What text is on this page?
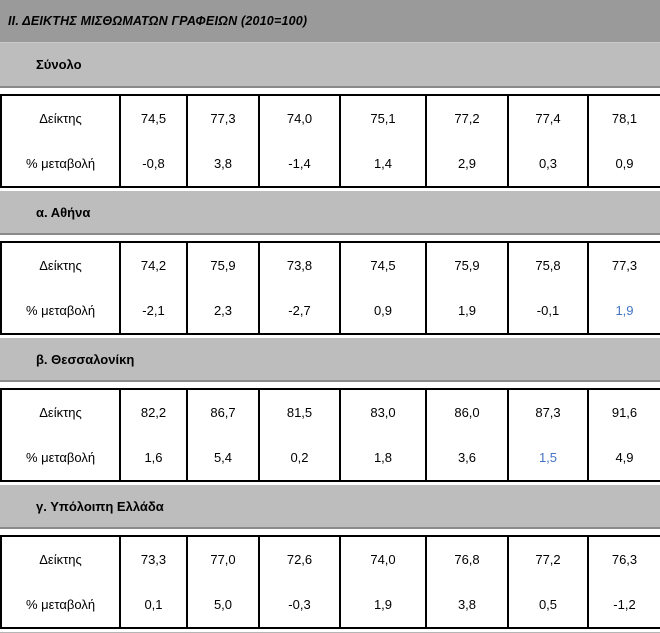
ΙΙ. ΔΕΙΚΤΗΣ ΜΙΣΘΩΜΑΤΩΝ ΓΡΑΦΕΙΩΝ (2010=100)
Σύνολο
Δείκτης	74,5	77,3	74,0	75,1	77,2	77,4	78,1
% μεταβολή	-0,8	3,8	-1,4	1,4	2,9	0,3	0,9
α. Αθήνα
Δείκτης	74,2	75,9	73,8	74,5	75,9	75,8	77,3
% μεταβολή	-2,1	2,3	-2,7	0,9	1,9	-0,1	1,9
β. Θεσσαλονίκη
Δείκτης	82,2	86,7	81,5	83,0	86,0	87,3	91,6
% μεταβολή	1,6	5,4	0,2	1,8	3,6	1,5	4,9
γ. Υπόλοιπη Ελλάδα
Δείκτης	73,3	77,0	72,6	74,0	76,8	77,2	76,3
% μεταβολή	0,1	5,0	-0,3	1,9	3,8	0,5	-1,2
